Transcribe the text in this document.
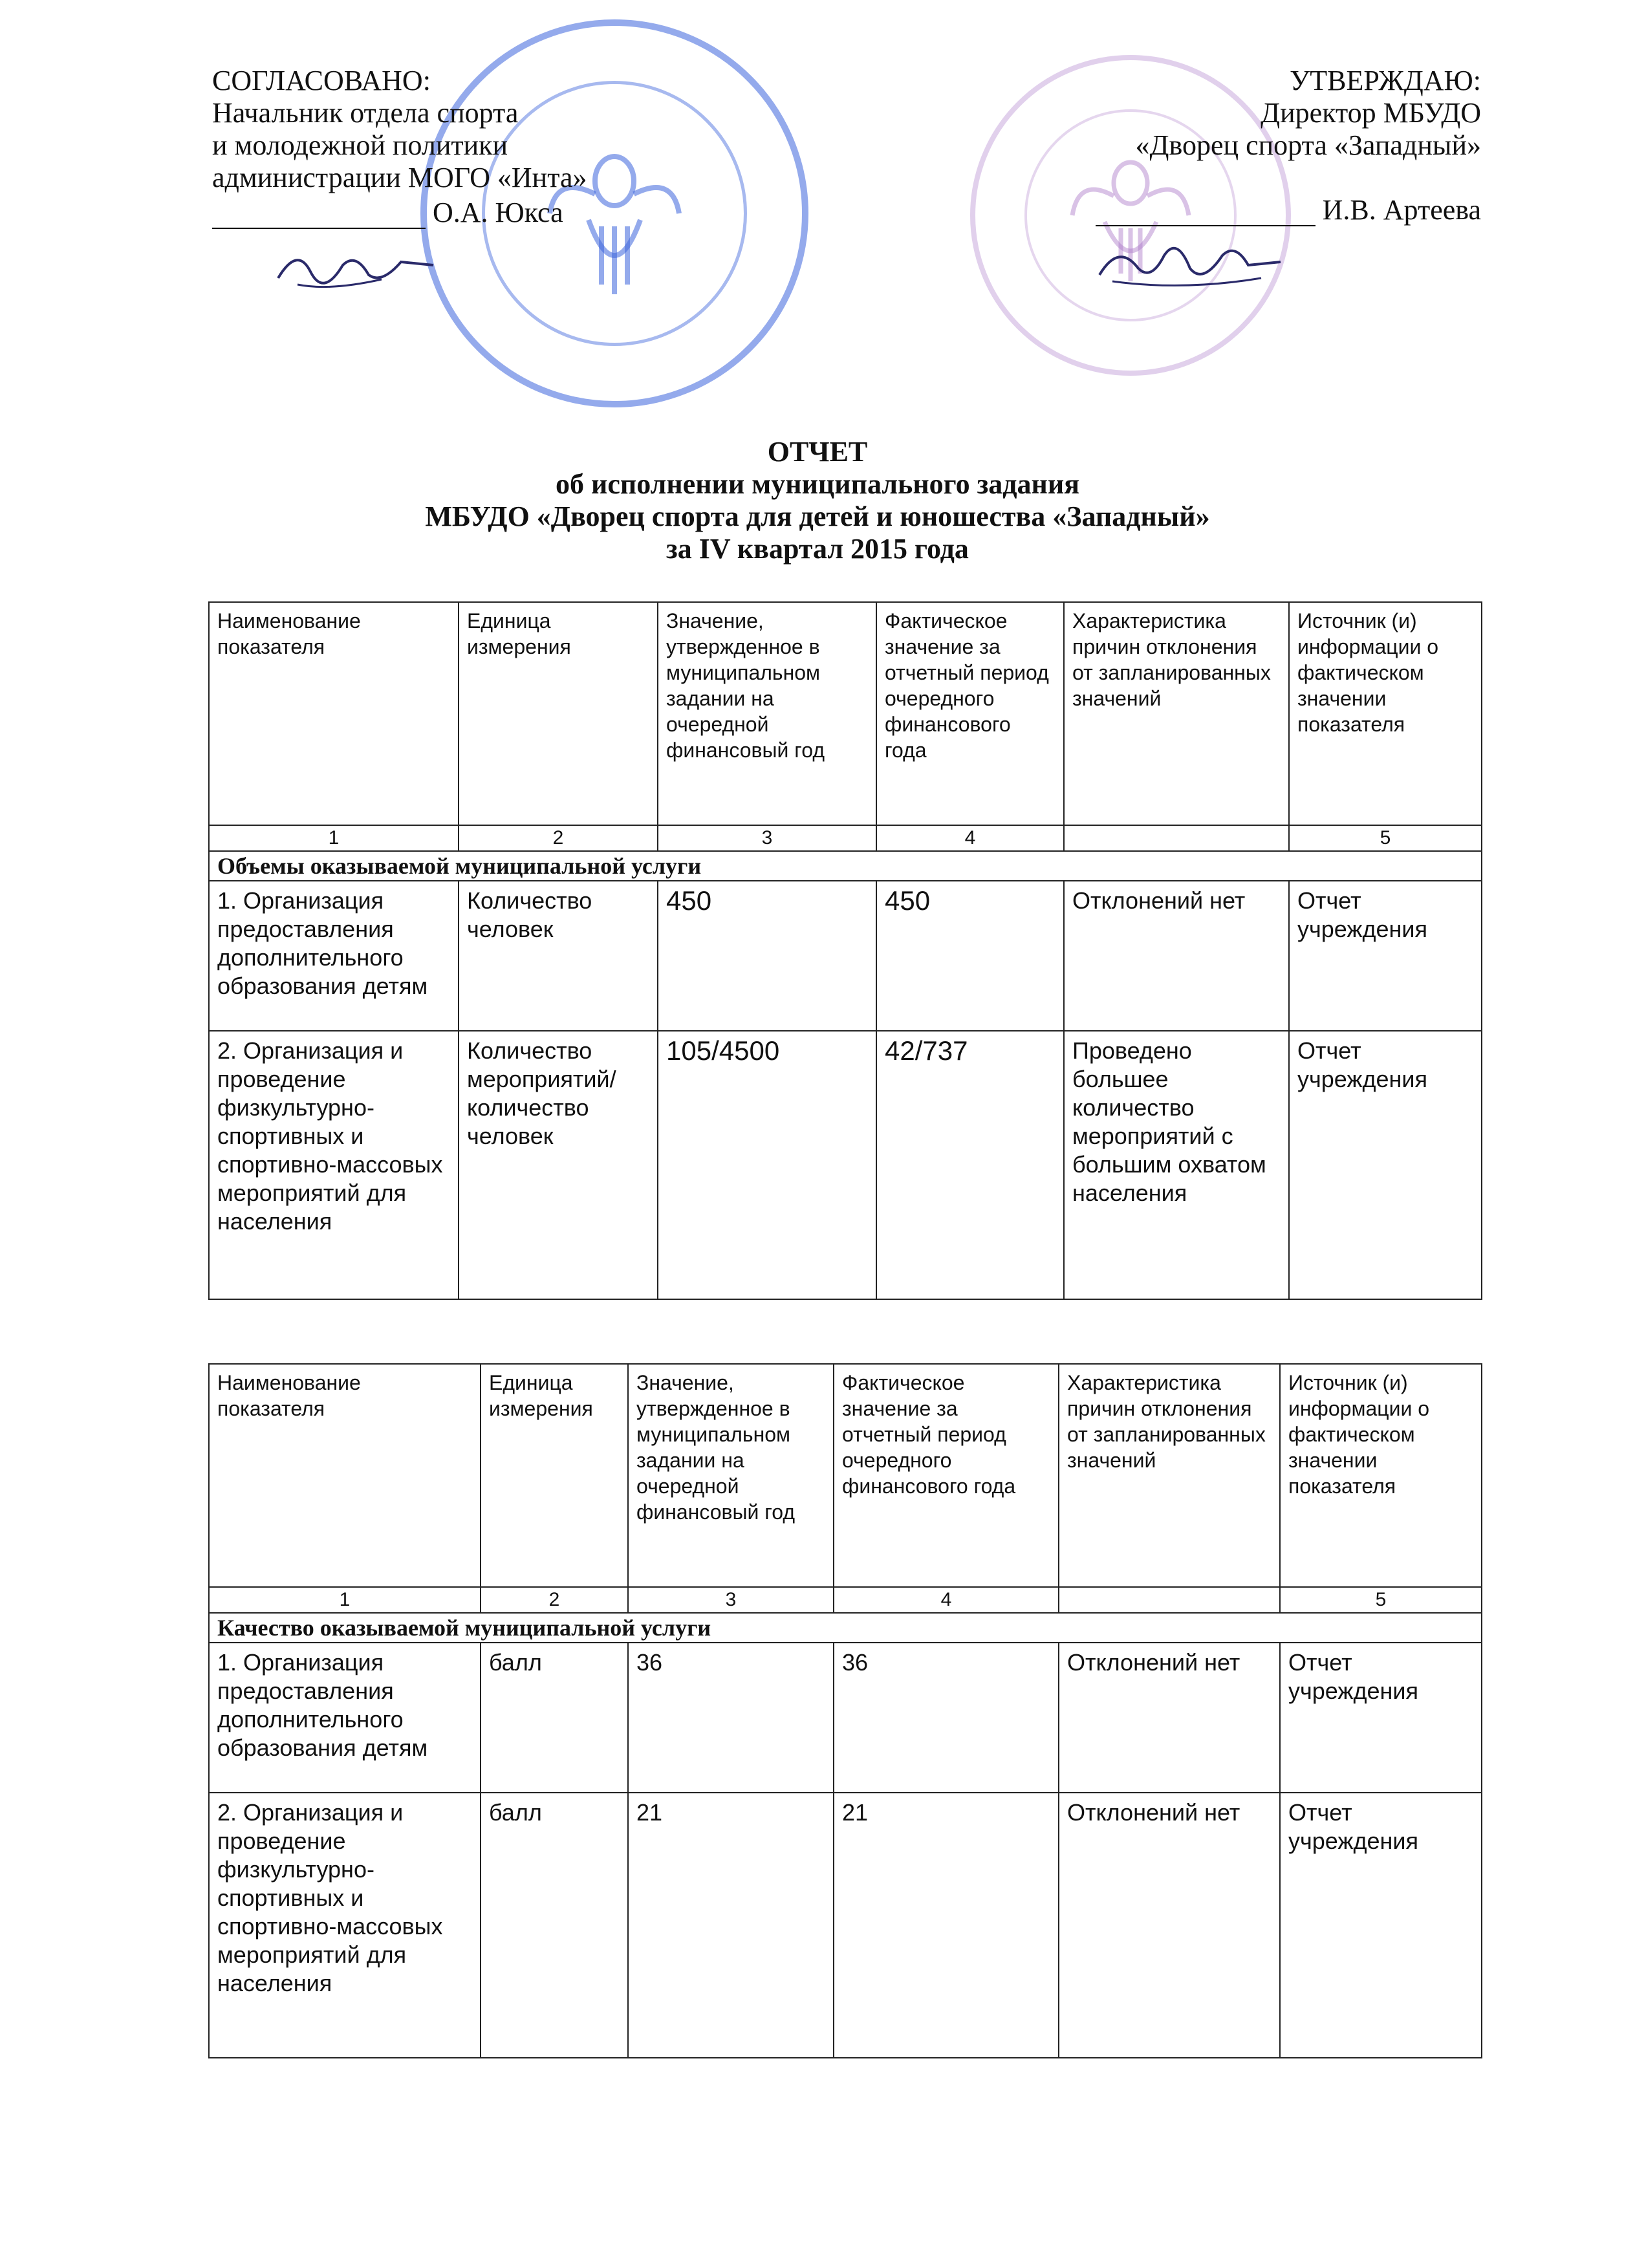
СОГЛАСОВАНО:
Начальник отдела спорта
и молодежной политики
администрации МОГО «Инта»
О.А. Юкса
УТВЕРЖДАЮ:
Директор МБУДО
«Дворец спорта «Западный»
И.В. Артеева
ОТЧЕТ
об исполнении муниципального задания
МБУДО «Дворец спорта для детей и юношества «Западный»
за IV квартал 2015 года
Наименование показателя	Единица измерения	Значение, утвержденное в муниципальном задании на очередной финансовый год	Фактическое значение за отчетный период очередного финансового года	Характеристика причин отклонения от запланированных значений	Источник (и) информации о фактическом значении показателя
1	2	3	4		5
Объемы оказываемой муниципальной услуги					
1. Организация предоставления дополнительного образования детям	Количество человек	450	450	Отклонений нет	Отчет учреждения
2. Организация и проведение физкультурно-спортивных и спортивно-массовых мероприятий для населения	Количество мероприятий/ количество человек	105/4500	42/737	Проведено большее количество мероприятий с большим охватом населения	Отчет учреждения
Наименование показателя	Единица измерения	Значение, утвержденное в муниципальном задании на очередной финансовый год	Фактическое значение за отчетный период очередного финансового года	Характеристика причин отклонения от запланированных значений	Источник (и) информации о фактическом значении показателя
1	2	3	4		5
Качество оказываемой муниципальной услуги					
1. Организация предоставления дополнительного образования детям	балл	36	36	Отклонений нет	Отчет учреждения
2. Организация и проведение физкультурно-спортивных и спортивно-массовых мероприятий для населения	балл	21	21	Отклонений нет	Отчет учреждения
